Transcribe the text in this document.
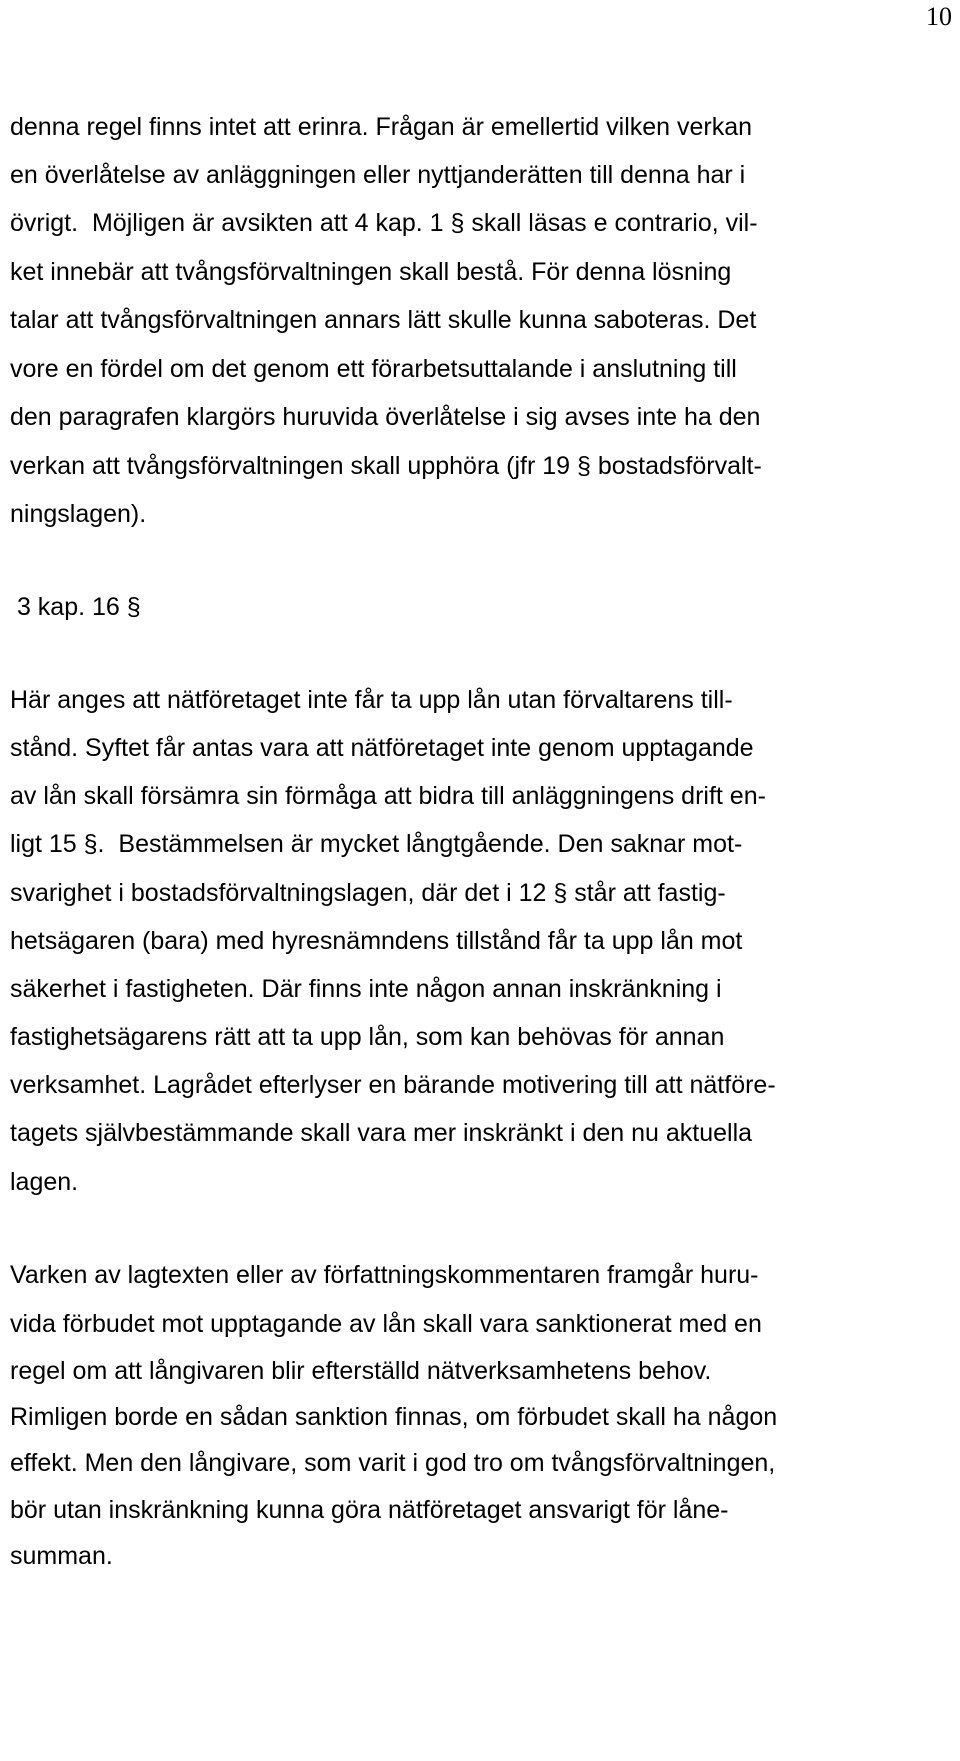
10
denna regel finns intet att erinra. Frågan är emellertid vilken verkan
en överlåtelse av anläggningen eller nyttjanderätten till denna har i
övrigt.  Möjligen är avsikten att 4 kap. 1 § skall läsas e contrario, vil-
ket innebär att tvångsförvaltningen skall bestå. För denna lösning
talar att tvångsförvaltningen annars lätt skulle kunna saboteras. Det
vore en fördel om det genom ett förarbetsuttalande i anslutning till
den paragrafen klargörs huruvida överlåtelse i sig avses inte ha den
verkan att tvångsförvaltningen skall upphöra (jfr 19 § bostadsförvalt-
ningslagen).
3 kap. 16 §
Här anges att nätföretaget inte får ta upp lån utan förvaltarens till-
stånd. Syftet får antas vara att nätföretaget inte genom upptagande
av lån skall försämra sin förmåga att bidra till anläggningens drift en-
ligt 15 §.  Bestämmelsen är mycket långtgående. Den saknar mot-
svarighet i bostadsförvaltningslagen, där det i 12 § står att fastig-
hetsägaren (bara) med hyresnämndens tillstånd får ta upp lån mot
säkerhet i fastigheten. Där finns inte någon annan inskränkning i
fastighetsägarens rätt att ta upp lån, som kan behövas för annan
verksamhet. Lagrådet efterlyser en bärande motivering till att nätföre-
tagets självbestämmande skall vara mer inskränkt i den nu aktuella
lagen.
Varken av lagtexten eller av författningskommentaren framgår huru-
vida förbudet mot upptagande av lån skall vara sanktionerat med en
regel om att långivaren blir efterställd nätverksamhetens behov.
Rimligen borde en sådan sanktion finnas, om förbudet skall ha någon
effekt. Men den långivare, som varit i god tro om tvångsförvaltningen,
bör utan inskränkning kunna göra nätföretaget ansvarigt för låne-
summan.
